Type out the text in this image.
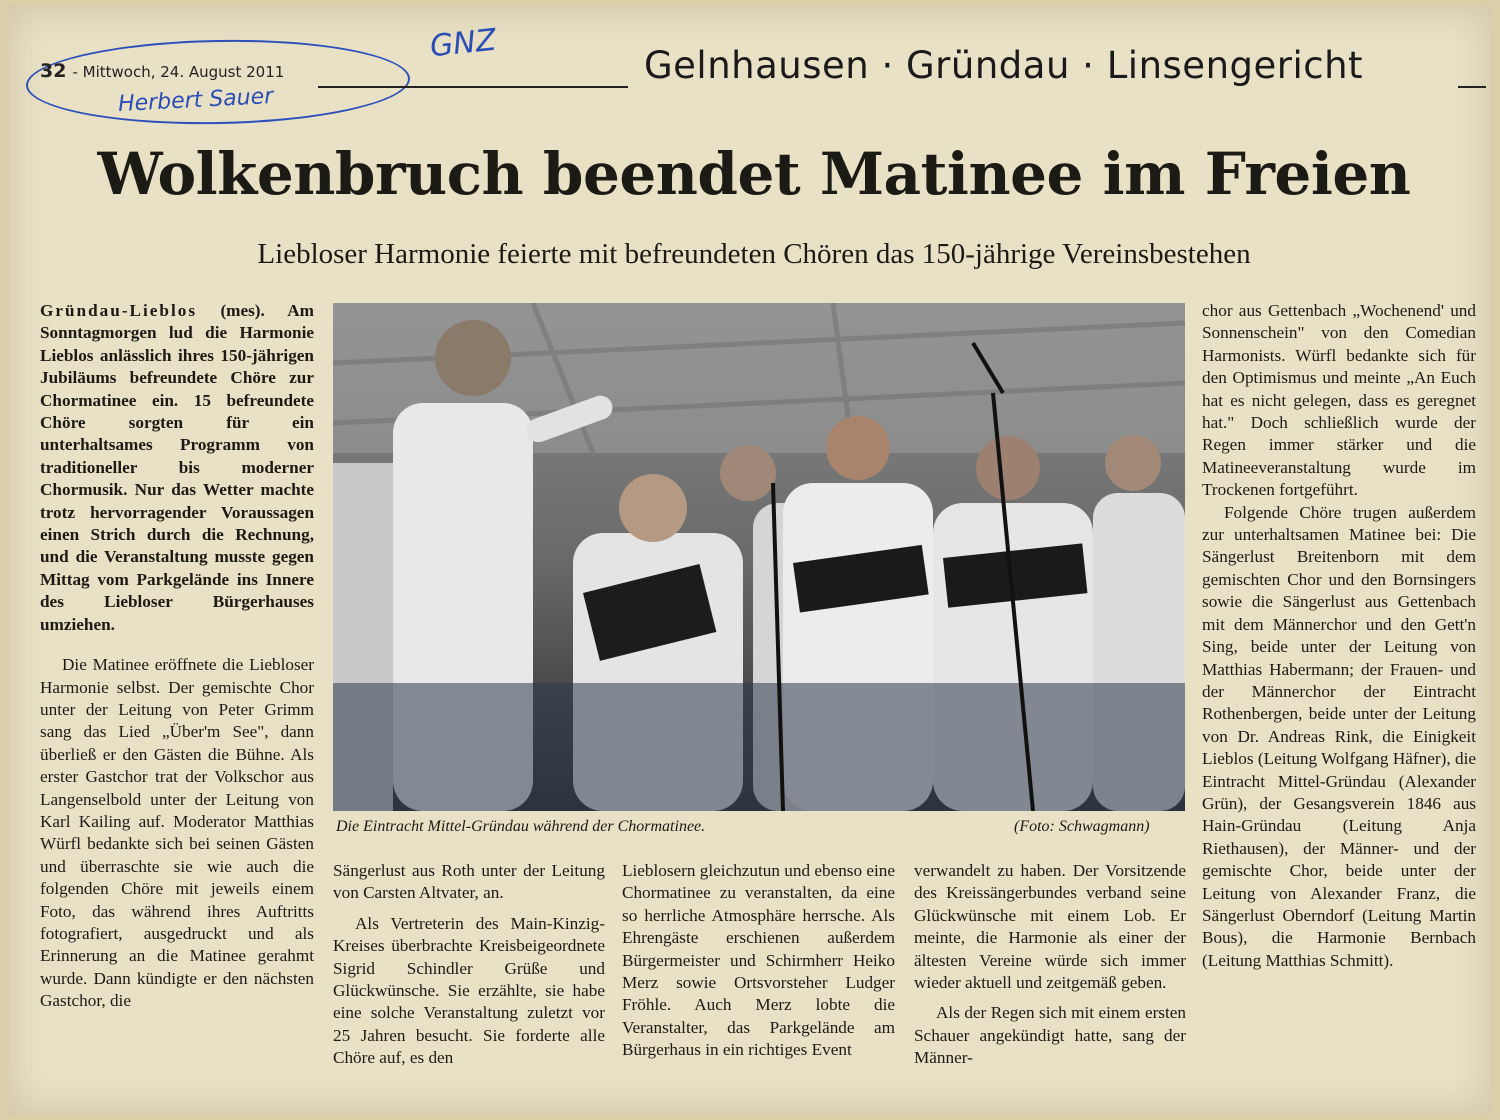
32 - Mittwoch, 24. August 2011	Gelnhausen · Gründau · Linsengericht
GNZ
Herbert Sauer
Wolkenbruch beendet Matinee im Freien
Liebloser Harmonie feierte mit befreundeten Chören das 150-jährige Vereinsbestehen

Gründau-Lieblos (mes). Am Sonntagmorgen lud die Harmonie Lieblos anlässlich ihres 150-jährigen Jubiläums befreundete Chöre zur Chormatinee ein. 15 befreundete Chöre sorgten für ein unterhaltsames Programm von traditioneller bis moderner Chormusik. Nur das Wetter machte trotz hervorragender Voraussagen einen Strich durch die Rechnung, und die Veranstaltung musste gegen Mittag vom Parkgelände ins Innere des Liebloser Bürgerhauses umziehen.

Die Matinee eröffnete die Liebloser Harmonie selbst. Der gemischte Chor unter der Leitung von Peter Grimm sang das Lied „Über'm See", dann überließ er den Gästen die Bühne. Als erster Gastchor trat der Volkschor aus Langenselbold unter der Leitung von Karl Kailing auf. Moderator Matthias Würfl bedankte sich bei seinen Gästen und überraschte sie wie auch die folgenden Chöre mit jeweils einem Foto, das während ihres Auftritts fotografiert, ausgedruckt und als Erinnerung an die Matinee gerahmt wurde. Dann kündigte er den nächsten Gastchor, die

Die Eintracht Mittel-Gründau während der Chormatinee.	(Foto: Schwagmann)

Sängerlust aus Roth unter der Leitung von Carsten Altvater, an.

Als Vertreterin des Main-Kinzig-Kreises überbrachte Kreisbeigeordnete Sigrid Schindler Grüße und Glückwünsche. Sie erzählte, sie habe eine solche Veranstaltung zuletzt vor 25 Jahren besucht. Sie forderte alle Chöre auf, es den

Lieblosern gleichzutun und ebenso eine Chormatinee zu veranstalten, da eine so herrliche Atmosphäre herrsche. Als Ehrengäste erschienen außerdem Bürgermeister und Schirmherr Heiko Merz sowie Ortsvorsteher Ludger Fröhle. Auch Merz lobte die Veranstalter, das Parkgelände am Bürgerhaus in ein richtiges Event

verwandelt zu haben. Der Vorsitzende des Kreissängerbundes verband seine Glückwünsche mit einem Lob. Er meinte, die Harmonie als einer der ältesten Vereine würde sich immer wieder aktuell und zeitgemäß geben.

Als der Regen sich mit einem ersten Schauer angekündigt hatte, sang der Männer-

chor aus Gettenbach „Wochenend' und Sonnenschein" von den Comedian Harmonists. Würfl bedankte sich für den Optimismus und meinte „An Euch hat es nicht gelegen, dass es geregnet hat." Doch schließlich wurde der Regen immer stärker und die Matineeveranstaltung wurde im Trockenen fortgeführt.

Folgende Chöre trugen außerdem zur unterhaltsamen Matinee bei: Die Sängerlust Breitenborn mit dem gemischten Chor und den Bornsingers sowie die Sängerlust aus Gettenbach mit dem Männerchor und den Gett'n Sing, beide unter der Leitung von Matthias Habermann; der Frauen- und der Männerchor der Eintracht Rothenbergen, beide unter der Leitung von Dr. Andreas Rink, die Einigkeit Lieblos (Leitung Wolfgang Häfner), die Eintracht Mittel-Gründau (Alexander Grün), der Gesangsverein 1846 aus Hain-Gründau (Leitung Anja Riethausen), der Männer- und der gemischte Chor, beide unter der Leitung von Alexander Franz, die Sängerlust Oberndorf (Leitung Martin Bous), die Harmonie Bernbach (Leitung Matthias Schmitt).
